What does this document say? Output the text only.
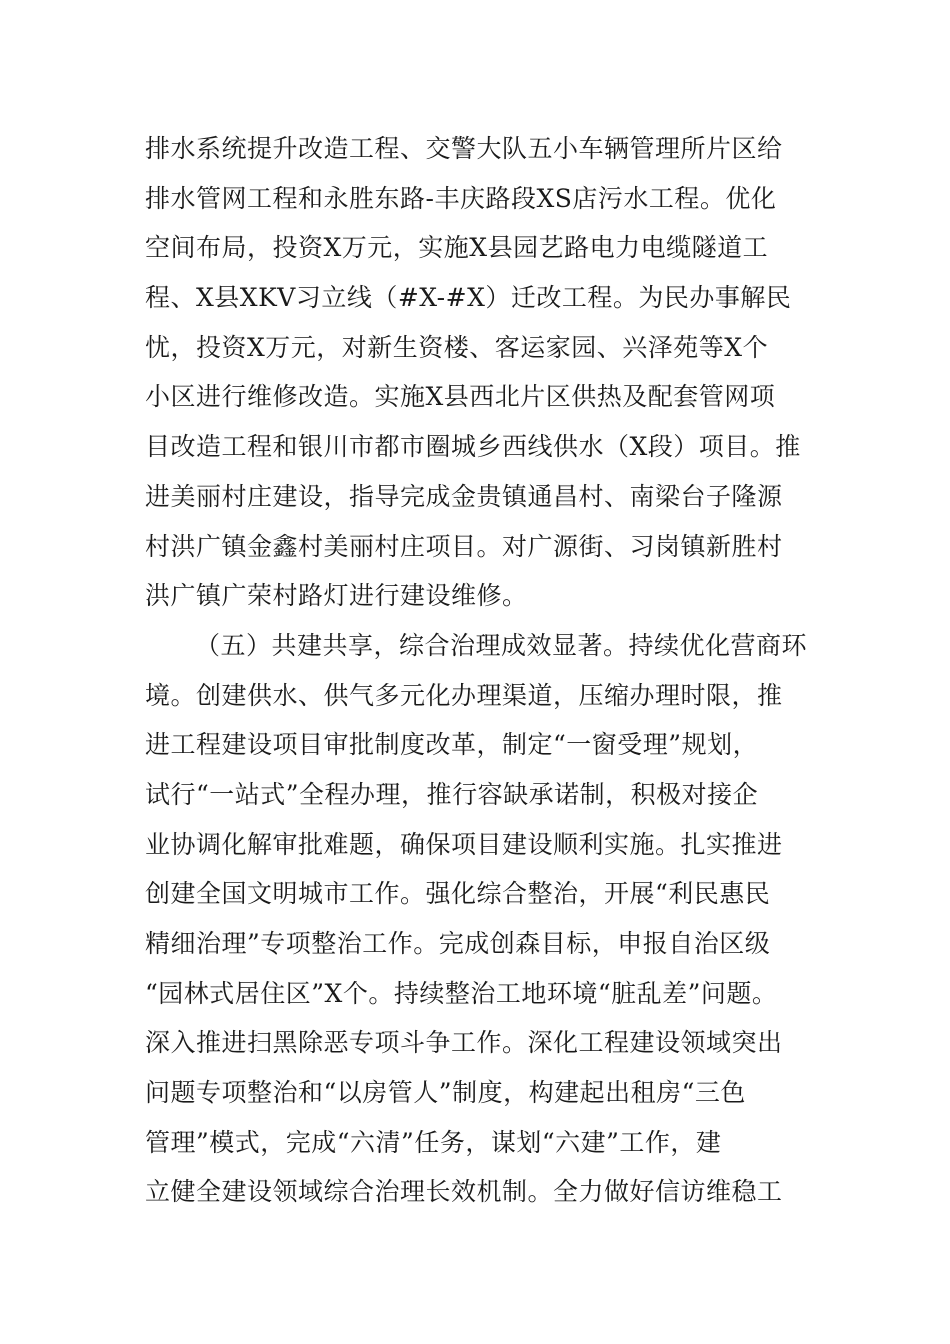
排水系统提升改造工程、交警大队五小车辆管理所片区给
排水管网工程和永胜东路-丰庆路段XS店污水工程。优化
空间布局，投资X万元，实施X县园艺路电力电缆隧道工
程、X县XKV习立线（#X-#X）迁改工程。为民办事解民
忧，投资X万元，对新生资楼、客运家园、兴泽苑等X个
小区进行维修改造。实施X县西北片区供热及配套管网项
目改造工程和银川市都市圈城乡西线供水（X段）项目。推
进美丽村庄建设，指导完成金贵镇通昌村、南梁台子隆源
村洪广镇金鑫村美丽村庄项目。对广源街、习岗镇新胜村
洪广镇广荣村路灯进行建设维修。
（五）共建共享，综合治理成效显著。持续优化营商环
境。创建供水、供气多元化办理渠道，压缩办理时限，推
进工程建设项目审批制度改革，制定“一窗受理”规划，
试行“一站式”全程办理，推行容缺承诺制，积极对接企
业协调化解审批难题，确保项目建设顺利实施。扎实推进
创建全国文明城市工作。强化综合整治，开展“利民惠民
精细治理”专项整治工作。完成创森目标，申报自治区级
“园林式居住区”X个。持续整治工地环境“脏乱差”问题。
深入推进扫黑除恶专项斗争工作。深化工程建设领域突出
问题专项整治和“以房管人”制度，构建起出租房“三色
管理”模式，完成“六清”任务，谋划“六建”工作，建
立健全建设领域综合治理长效机制。全力做好信访维稳工
